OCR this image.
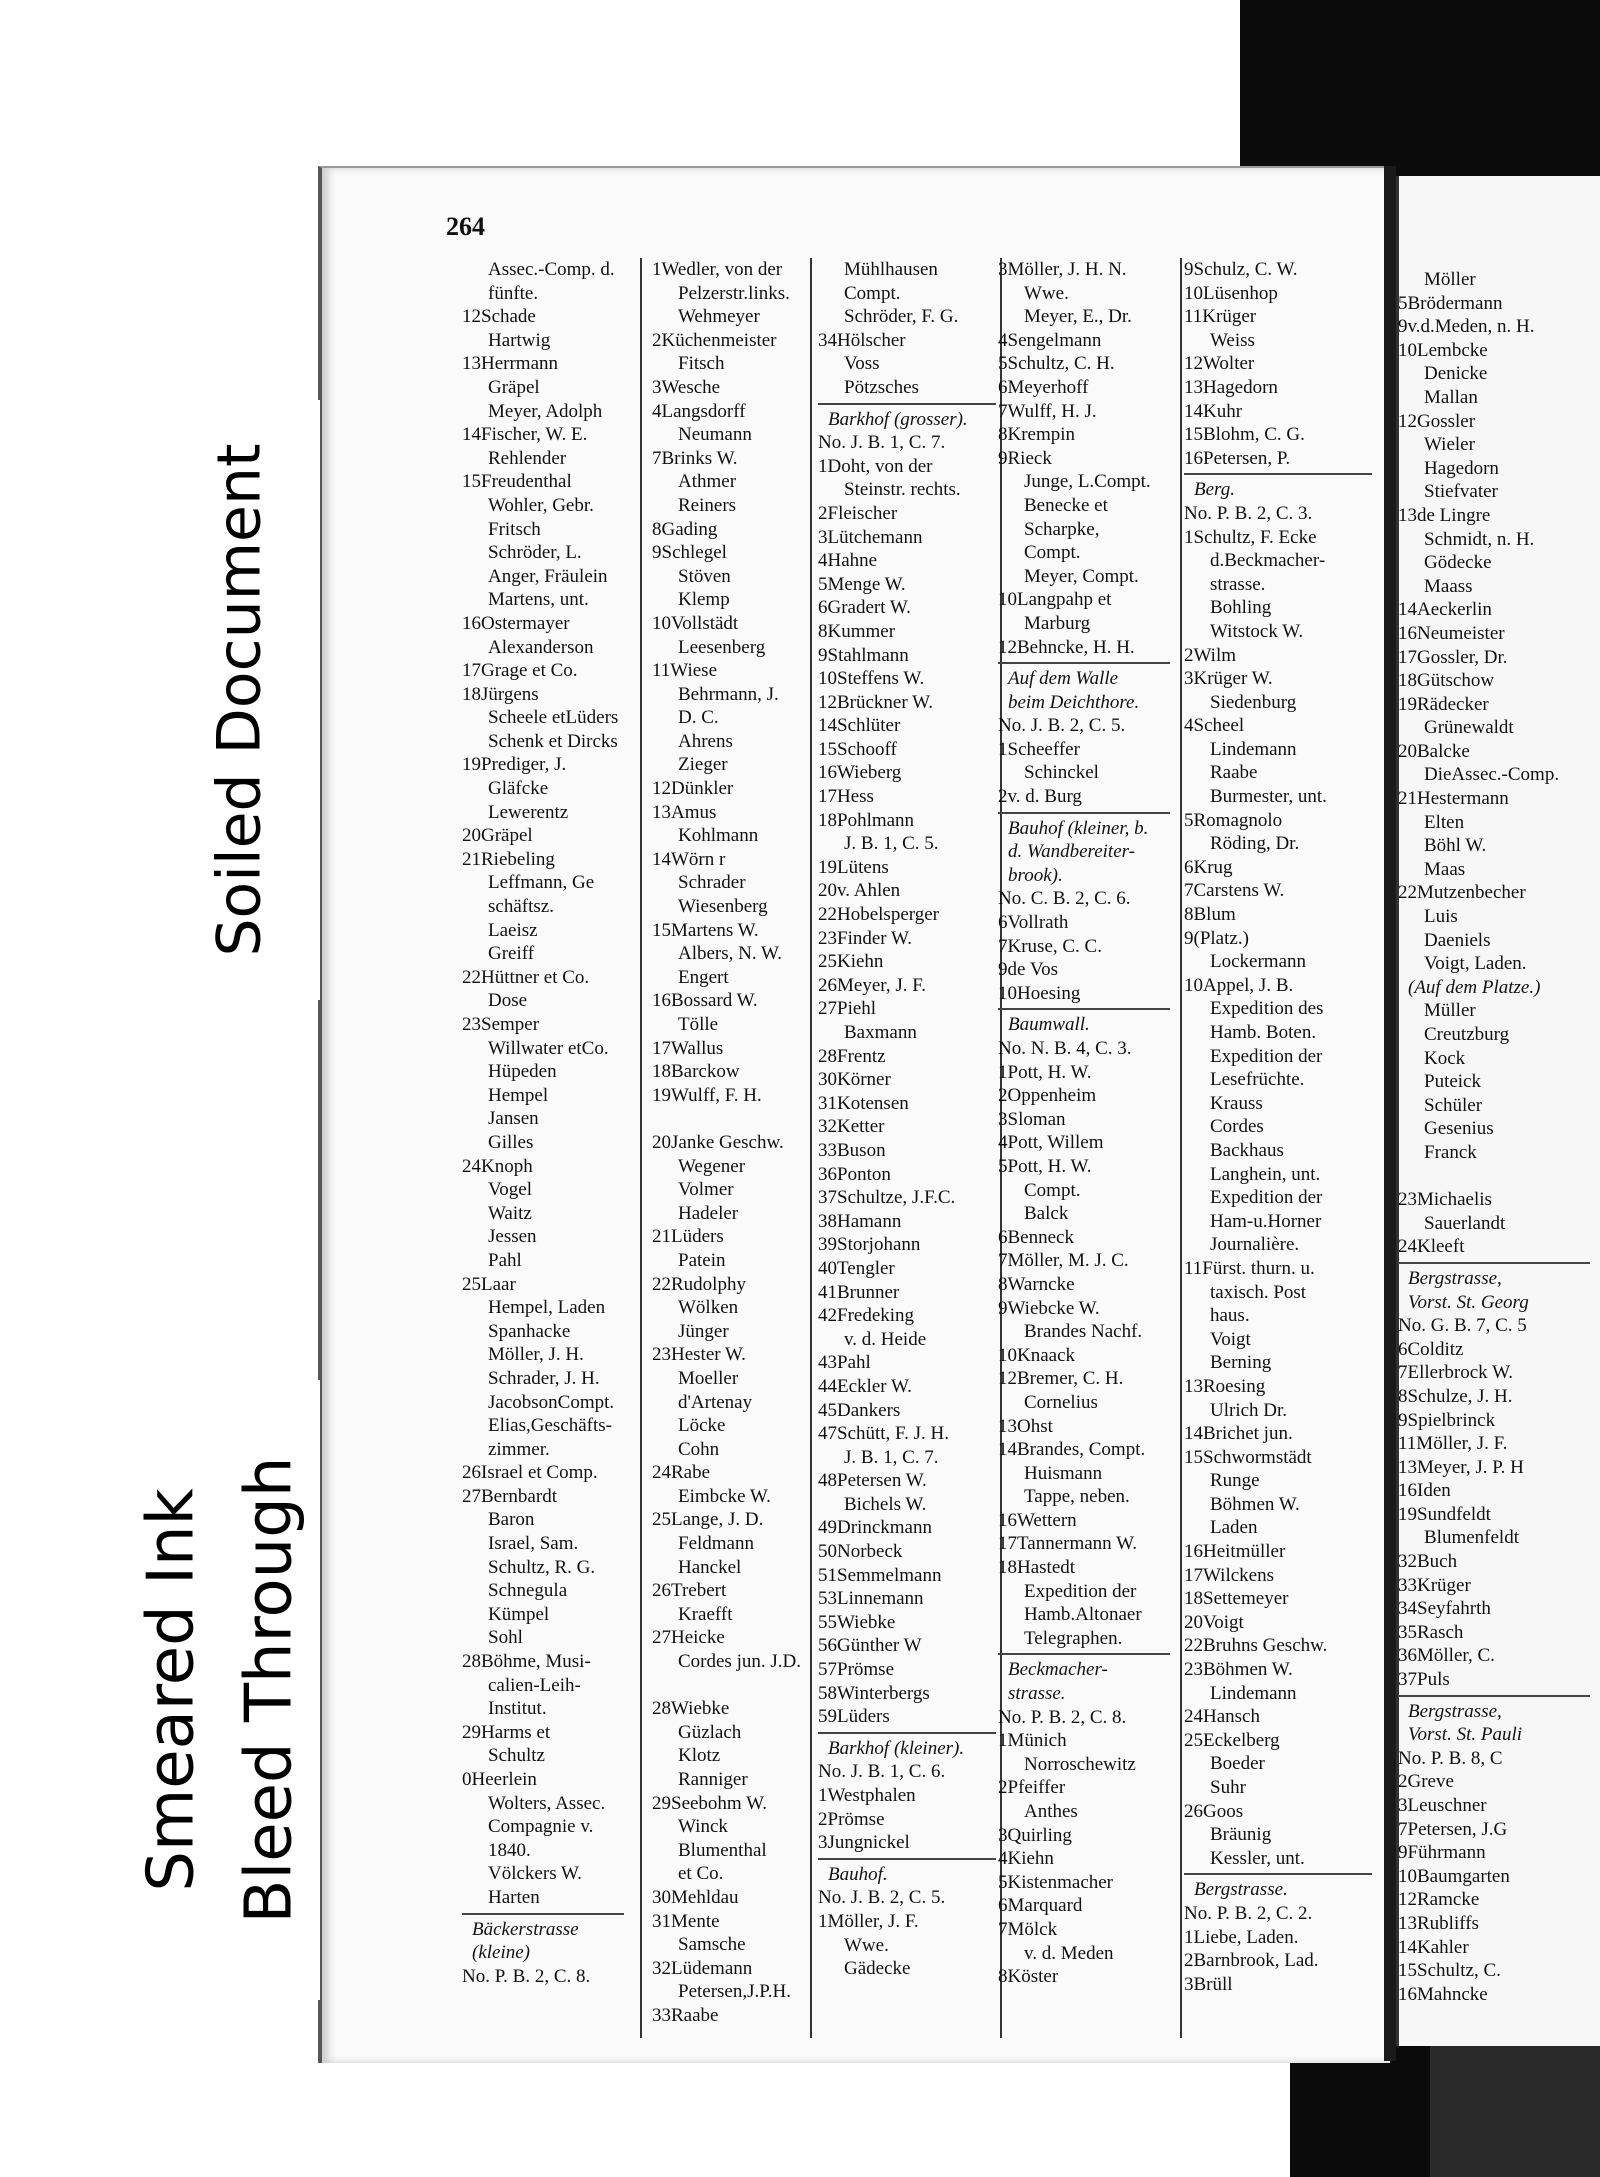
264
Assec.-Comp. d.
fünfte.
12Schade
Hartwig
13Herrmann
Gräpel
Meyer, Adolph
14Fischer, W. E.
Rehlender
15Freudenthal
Wohler, Gebr.
Fritsch
Schröder, L.
Anger, Fräulein
Martens, unt.
16Ostermayer
Alexanderson
17Grage et Co.
18Jürgens
Scheele etLüders
Schenk et Dircks
19Prediger, J.
Gläfcke
Lewerentz
20Gräpel
21Riebeling
Leffmann, Ge
schäftsz.
Laeisz
Greiff
22Hüttner et Co.
Dose
23Semper
Willwater etCo.
Hüpeden
Hempel
Jansen
Gilles
24Knoph
Vogel
Waitz
Jessen
Pahl
25Laar
Hempel, Laden
Spanhacke
Möller, J. H.
Schrader, J. H.
JacobsonCompt.
Elias,Geschäfts-
zimmer.
26Israel et Comp.
27Bernbardt
Baron
Israel, Sam.
Schultz, R. G.
Schnegula
Kümpel
Sohl
28Böhme, Musi-
calien-Leih-
Institut.
29Harms et
Schultz
0Heerlein
Wolters, Assec.
Compagnie v.
1840.
Völckers W.
Harten
Bäckerstrasse
(kleine)
No. P. B. 2, C. 8.
1Wedler, von der
Pelzerstr.links.
Wehmeyer
2Küchenmeister
Fitsch
3Wesche
4Langsdorff
Neumann
7Brinks W.
Athmer
Reiners
8Gading
9Schlegel
Stöven
Klemp
10Vollstädt
Leesenberg
11Wiese
Behrmann, J.
D. C.
Ahrens
Zieger
12Dünkler
13Amus
Kohlmann
14Wörn r
Schrader
Wiesenberg
15Martens W.
Albers, N. W.
Engert
16Bossard W.
Tölle
17Wallus
18Barckow
19Wulff, F. H.
20Janke Geschw.
Wegener
Volmer
Hadeler
21Lüders
Patein
22Rudolphy
Wölken
Jünger
23Hester W.
Moeller
d'Artenay
Löcke
Cohn
24Rabe
Eimbcke W.
25Lange, J. D.
Feldmann
Hanckel
26Trebert
Kraefft
27Heicke
Cordes jun. J.D.
28Wiebke
Güzlach
Klotz
Ranniger
29Seebohm W.
Winck
Blumenthal
et Co.
30Mehldau
31Mente
Samsche
32Lüdemann
Petersen,J.P.H.
33Raabe
Mühlhausen
Compt.
Schröder, F. G.
34Hölscher
Voss
Pötzsches
Barkhof (grosser).
No. J. B. 1, C. 7.
1Doht, von der
Steinstr. rechts.
2Fleischer
3Lütchemann
4Hahne
5Menge W.
6Gradert W.
8Kummer
9Stahlmann
10Steffens W.
12Brückner W.
14Schlüter
15Schooff
16Wieberg
17Hess
18Pohlmann
J. B. 1, C. 5.
19Lütens
20v. Ahlen
22Hobelsperger
23Finder W.
25Kiehn
26Meyer, J. F.
27Piehl
Baxmann
28Frentz
30Körner
31Kotensen
32Ketter
33Buson
36Ponton
37Schultze, J.F.C.
38Hamann
39Storjohann
40Tengler
41Brunner
42Fredeking
v. d. Heide
43Pahl
44Eckler W.
45Dankers
47Schütt, F. J. H.
J. B. 1, C. 7.
48Petersen W.
Bichels W.
49Drinckmann
50Norbeck
51Semmelmann
53Linnemann
55Wiebke
56Günther W
57Prömse
58Winterbergs
59Lüders
Barkhof (kleiner).
No. J. B. 1, C. 6.
1Westphalen
2Prömse
3Jungnickel
Bauhof.
No. J. B. 2, C. 5.
1Möller, J. F.
Wwe.
Gädecke
3Möller, J. H. N.
Wwe.
Meyer, E., Dr.
4Sengelmann
5Schultz, C. H.
6Meyerhoff
7Wulff, H. J.
8Krempin
9Rieck
Junge, L.Compt.
Benecke et
Scharpke,
Compt.
Meyer, Compt.
10Langpahp et
Marburg
12Behncke, H. H.
Auf dem Walle
beim Deichthore.
No. J. B. 2, C. 5.
1Scheeffer
Schinckel
2v. d. Burg
Bauhof (kleiner, b.
d. Wandbereiter-
brook).
No. C. B. 2, C. 6.
6Vollrath
7Kruse, C. C.
9de Vos
10Hoesing
Baumwall.
No. N. B. 4, C. 3.
1Pott, H. W.
2Oppenheim
3Sloman
4Pott, Willem
5Pott, H. W.
Compt.
Balck
6Benneck
7Möller, M. J. C.
8Warncke
9Wiebcke W.
Brandes Nachf.
10Knaack
12Bremer, C. H.
Cornelius
13Ohst
14Brandes, Compt.
Huismann
Tappe, neben.
16Wettern
17Tannermann W.
18Hastedt
Expedition der
Hamb.Altonaer
Telegraphen.
Beckmacher-
strasse.
No. P. B. 2, C. 8.
1Münich
Norroschewitz
2Pfeiffer
Anthes
3Quirling
4Kiehn
5Kistenmacher
6Marquard
7Mölck
v. d. Meden
8Köster
9Schulz, C. W.
10Lüsenhop
11Krüger
Weiss
12Wolter
13Hagedorn
14Kuhr
15Blohm, C. G.
16Petersen, P.
Berg.
No. P. B. 2, C. 3.
1Schultz, F. Ecke
d.Beckmacher-
strasse.
Bohling
Witstock W.
2Wilm
3Krüger W.
Siedenburg
4Scheel
Lindemann
Raabe
Burmester, unt.
5Romagnolo
Röding, Dr.
6Krug
7Carstens W.
8Blum
9(Platz.)
Lockermann
10Appel, J. B.
Expedition des
Hamb. Boten.
Expedition der
Lesefrüchte.
Krauss
Cordes
Backhaus
Langhein, unt.
Expedition der
Ham-u.Horner
Journalière.
11Fürst. thurn. u.
taxisch. Post
haus.
Voigt
Berning
13Roesing
Ulrich Dr.
14Brichet jun.
15Schwormstädt
Runge
Böhmen W.
Laden
16Heitmüller
17Wilckens
18Settemeyer
20Voigt
22Bruhns Geschw.
23Böhmen W.
Lindemann
24Hansch
25Eckelberg
Boeder
Suhr
26Goos
Bräunig
Kessler, unt.
Bergstrasse.
No. P. B. 2, C. 2.
1Liebe, Laden.
2Barnbrook, Lad.
3Brüll
Möller
5Brödermann
9v.d.Meden, n. H.
10Lembcke
Denicke
Mallan
12Gossler
Wieler
Hagedorn
Stiefvater
13de Lingre
Schmidt, n. H.
Gödecke
Maass
14Aeckerlin
16Neumeister
17Gossler, Dr.
18Gütschow
19Rädecker
Grünewaldt
20Balcke
DieAssec.-Comp.
21Hestermann
Elten
Böhl W.
Maas
22Mutzenbecher
Luis
Daeniels
Voigt, Laden.
(Auf dem Platze.)
Müller
Creutzburg
Kock
Puteick
Schüler
Gesenius
Franck
23Michaelis
Sauerlandt
24Kleeft
Bergstrasse,
Vorst. St. Georg
No. G. B. 7, C. 5
6Colditz
7Ellerbrock W.
8Schulze, J. H.
9Spielbrinck
11Möller, J. F.
13Meyer, J. P. H
16Iden
19Sundfeldt
Blumenfeldt
32Buch
33Krüger
34Seyfahrth
35Rasch
36Möller, C.
37Puls
Bergstrasse,
Vorst. St. Pauli
No. P. B. 8, C
2Greve
3Leuschner
7Petersen, J.G
9Führmann
10Baumgarten
12Ramcke
13Rubliffs
14Kahler
15Schultz, C.
16Mahncke
Soiled Document
Smeared Ink Bleed Through
